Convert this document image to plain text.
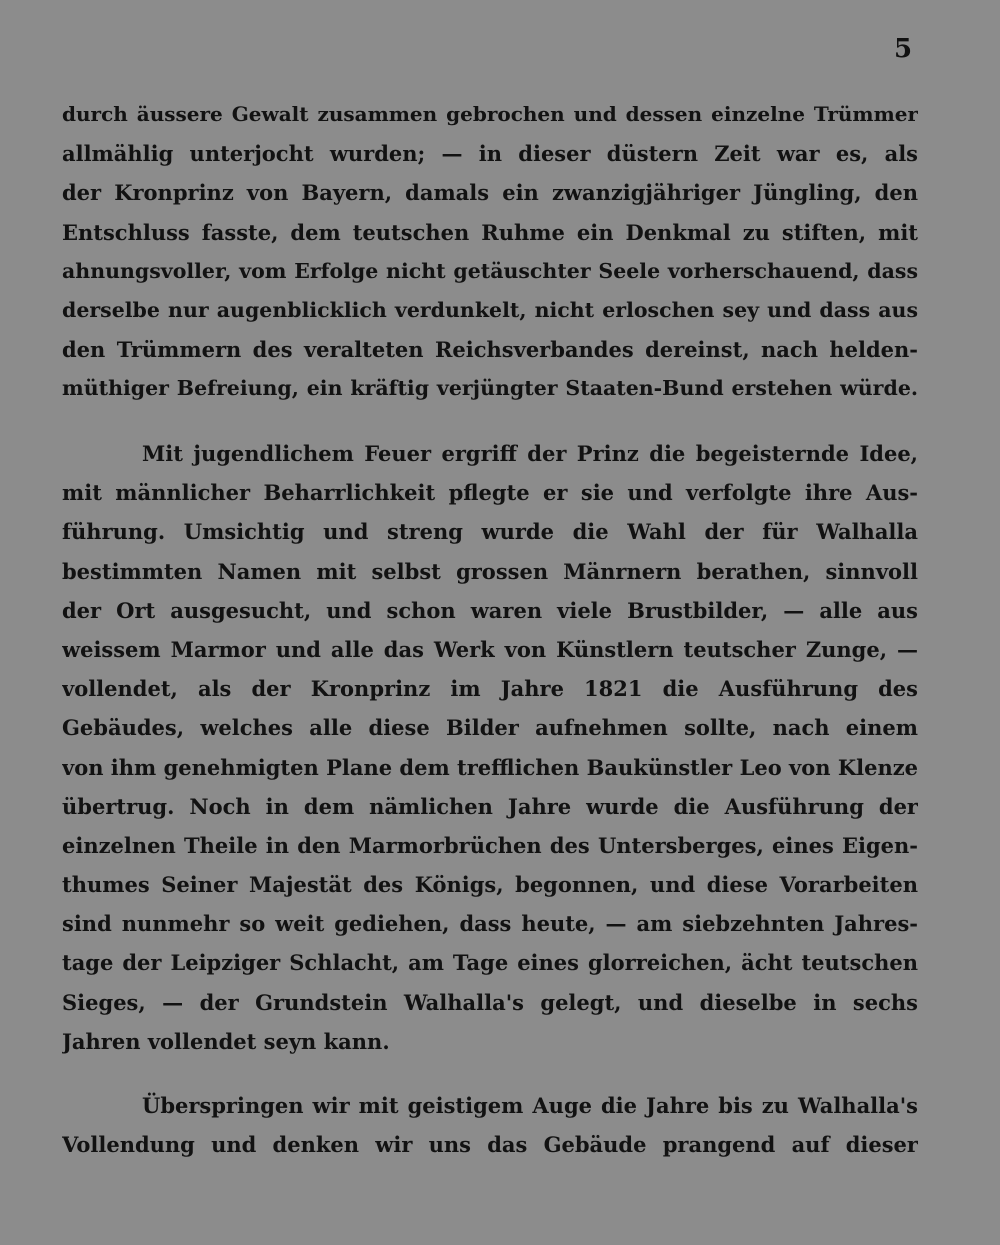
5
durch äussere Gewalt zusammen gebrochen und dessen einzelne Trümmer
allmählig unterjocht wurden; — in dieser düstern Zeit war es, als
der Kronprinz von Bayern, damals ein zwanzigjähriger Jüngling, den
Entschluss fasste, dem teutschen Ruhme ein Denkmal zu stiften, mit
ahnungsvoller, vom Erfolge nicht getäuschter Seele vorherschauend, dass
derselbe nur augenblicklich verdunkelt, nicht erloschen sey und dass aus
den Trümmern des veralteten Reichsverbandes dereinst, nach helden-
müthiger Befreiung, ein kräftig verjüngter Staaten-Bund erstehen würde.
Mit jugendlichem Feuer ergriff der Prinz die begeisternde Idee,
mit männlicher Beharrlichkeit pflegte er sie und verfolgte ihre Aus-
führung. Umsichtig und streng wurde die Wahl der für Walhalla
bestimmten Namen mit selbst grossen Mänrnern berathen, sinnvoll
der Ort ausgesucht, und schon waren viele Brustbilder, — alle aus
weissem Marmor und alle das Werk von Künstlern teutscher Zunge, —
vollendet, als der Kronprinz im Jahre 1821 die Ausführung des
Gebäudes, welches alle diese Bilder aufnehmen sollte, nach einem
von ihm genehmigten Plane dem trefflichen Baukünstler Leo von Klenze
übertrug. Noch in dem nämlichen Jahre wurde die Ausführung der
einzelnen Theile in den Marmorbrüchen des Untersberges, eines Eigen-
thumes Seiner Majestät des Königs, begonnen, und diese Vorarbeiten
sind nunmehr so weit gediehen, dass heute, — am siebzehnten Jahres-
tage der Leipziger Schlacht, am Tage eines glorreichen, ächt teutschen
Sieges, — der Grundstein Walhalla's gelegt, und dieselbe in sechs
Jahren vollendet seyn kann.
Überspringen wir mit geistigem Auge die Jahre bis zu Walhalla's
Vollendung und denken wir uns das Gebäude prangend auf dieser
